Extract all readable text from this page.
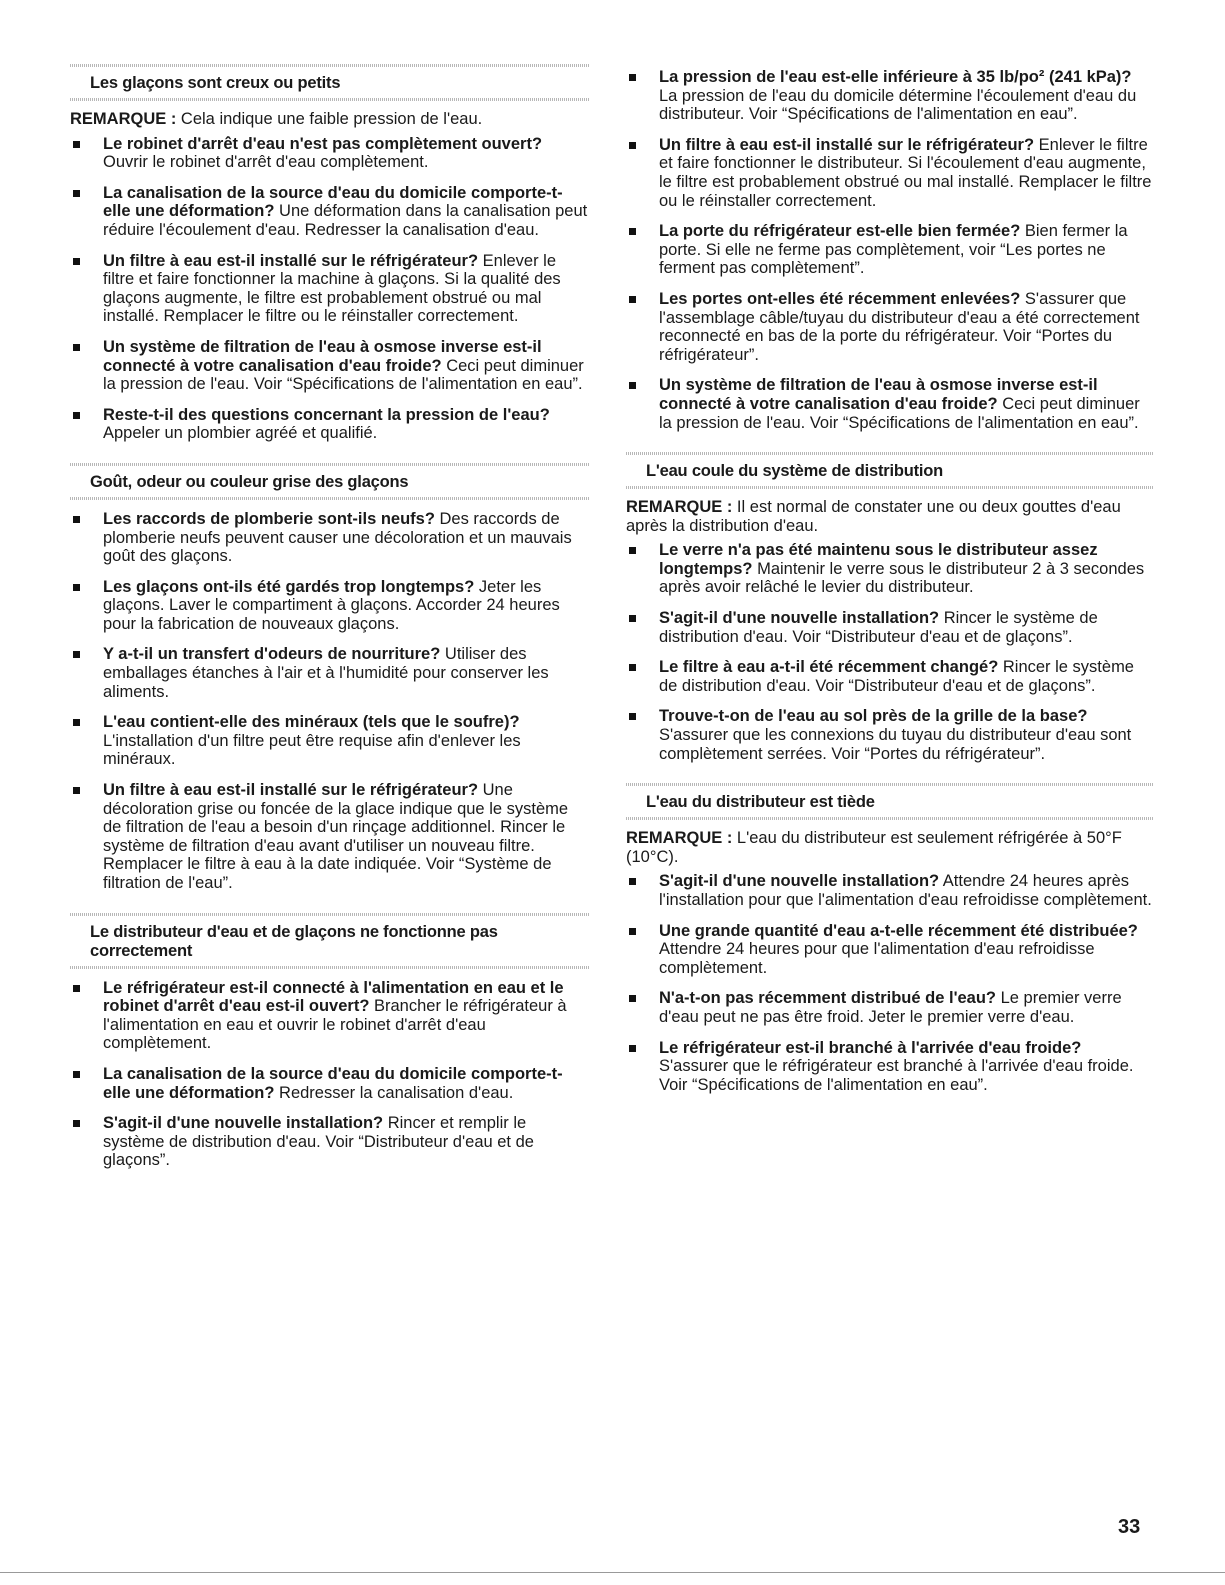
Les glaçons sont creux ou petits

REMARQUE : Cela indique une faible pression de l'eau.

Le robinet d'arrêt d'eau n'est pas complètement ouvert? Ouvrir le robinet d'arrêt d'eau complètement.
La canalisation de la source d'eau du domicile comporte-t-elle une déformation? Une déformation dans la canalisation peut réduire l'écoulement d'eau. Redresser la canalisation d'eau.
Un filtre à eau est-il installé sur le réfrigérateur? Enlever le filtre et faire fonctionner la machine à glaçons. Si la qualité des glaçons augmente, le filtre est probablement obstrué ou mal installé. Remplacer le filtre ou le réinstaller correctement.
Un système de filtration de l'eau à osmose inverse est-il connecté à votre canalisation d'eau froide? Ceci peut diminuer la pression de l'eau. Voir “Spécifications de l'alimentation en eau”.
Reste-t-il des questions concernant la pression de l'eau? Appeler un plombier agréé et qualifié.
Goût, odeur ou couleur grise des glaçons
Les raccords de plomberie sont-ils neufs? Des raccords de plomberie neufs peuvent causer une décoloration et un mauvais goût des glaçons.
Les glaçons ont-ils été gardés trop longtemps? Jeter les glaçons. Laver le compartiment à glaçons. Accorder 24 heures pour la fabrication de nouveaux glaçons.
Y a-t-il un transfert d'odeurs de nourriture? Utiliser des emballages étanches à l'air et à l'humidité pour conserver les aliments.
L'eau contient-elle des minéraux (tels que le soufre)? L'installation d'un filtre peut être requise afin d'enlever les minéraux.
Un filtre à eau est-il installé sur le réfrigérateur? Une décoloration grise ou foncée de la glace indique que le système de filtration de l'eau a besoin d'un rinçage additionnel. Rincer le système de filtration d'eau avant d'utiliser un nouveau filtre. Remplacer le filtre à eau à la date indiquée. Voir “Système de filtration de l'eau”.
Le distributeur d'eau et de glaçons ne fonctionne pas correctement
Le réfrigérateur est-il connecté à l'alimentation en eau et le robinet d'arrêt d'eau est-il ouvert? Brancher le réfrigérateur à l'alimentation en eau et ouvrir le robinet d'arrêt d'eau complètement.
La canalisation de la source d'eau du domicile comporte-t-elle une déformation? Redresser la canalisation d'eau.
S'agit-il d'une nouvelle installation? Rincer et remplir le système de distribution d'eau. Voir “Distributeur d'eau et de glaçons”.
La pression de l'eau est-elle inférieure à 35 lb/po² (241 kPa)? La pression de l'eau du domicile détermine l'écoulement d'eau du distributeur. Voir “Spécifications de l'alimentation en eau”.
Un filtre à eau est-il installé sur le réfrigérateur? Enlever le filtre et faire fonctionner le distributeur. Si l'écoulement d'eau augmente, le filtre est probablement obstrué ou mal installé. Remplacer le filtre ou le réinstaller correctement.
La porte du réfrigérateur est-elle bien fermée? Bien fermer la porte. Si elle ne ferme pas complètement, voir “Les portes ne ferment pas complètement”.
Les portes ont-elles été récemment enlevées? S'assurer que l'assemblage câble/tuyau du distributeur d'eau a été correctement reconnecté en bas de la porte du réfrigérateur. Voir “Portes du réfrigérateur”.
Un système de filtration de l'eau à osmose inverse est-il connecté à votre canalisation d'eau froide? Ceci peut diminuer la pression de l'eau. Voir “Spécifications de l'alimentation en eau”.
L'eau coule du système de distribution

REMARQUE : Il est normal de constater une ou deux gouttes d'eau après la distribution d'eau.

Le verre n'a pas été maintenu sous le distributeur assez longtemps? Maintenir le verre sous le distributeur 2 à 3 secondes après avoir relâché le levier du distributeur.
S'agit-il d'une nouvelle installation? Rincer le système de distribution d'eau. Voir “Distributeur d'eau et de glaçons”.
Le filtre à eau a-t-il été récemment changé? Rincer le système de distribution d'eau. Voir “Distributeur d'eau et de glaçons”.
Trouve-t-on de l'eau au sol près de la grille de la base? S'assurer que les connexions du tuyau du distributeur d'eau sont complètement serrées. Voir “Portes du réfrigérateur”.
L'eau du distributeur est tiède

REMARQUE : L'eau du distributeur est seulement réfrigérée à 50°F (10°C).

S'agit-il d'une nouvelle installation? Attendre 24 heures après l'installation pour que l'alimentation d'eau refroidisse complètement.
Une grande quantité d'eau a-t-elle récemment été distribuée? Attendre 24 heures pour que l'alimentation d'eau refroidisse complètement.
N'a-t-on pas récemment distribué de l'eau? Le premier verre d'eau peut ne pas être froid. Jeter le premier verre d'eau.
Le réfrigérateur est-il branché à l'arrivée d'eau froide? S'assurer que le réfrigérateur est branché à l'arrivée d'eau froide. Voir “Spécifications de l'alimentation en eau”.
33
